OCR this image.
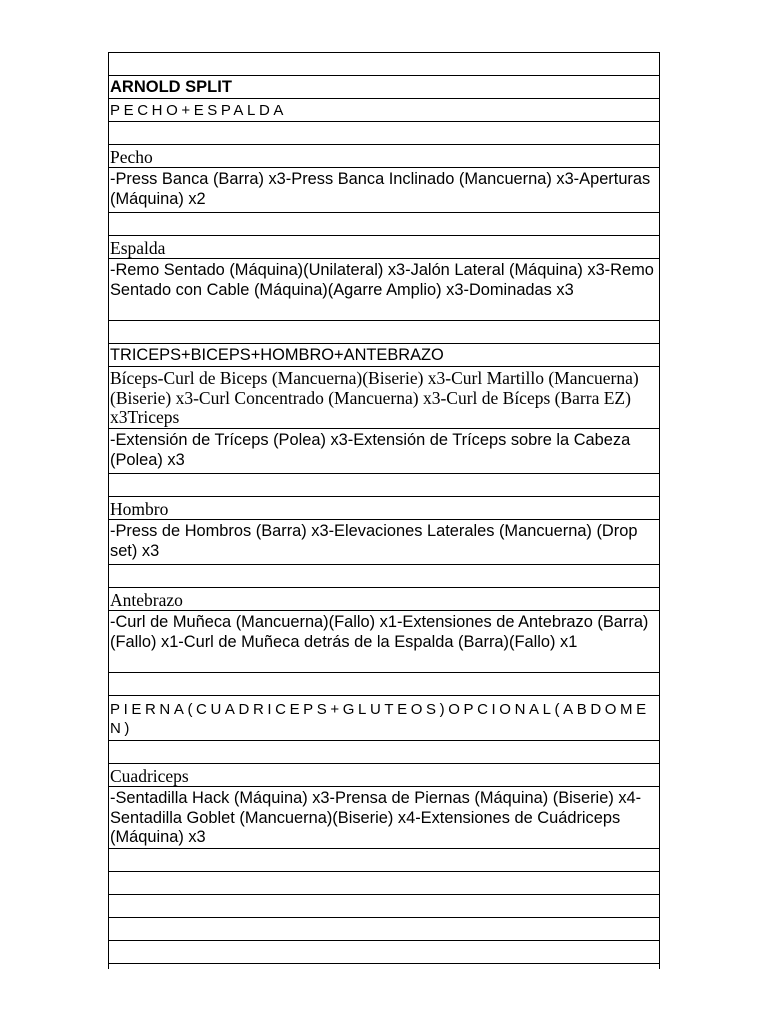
ARNOLD SPLIT
PECHO+ESPALDA
Pecho
-Press Banca (Barra) x3-Press Banca Inclinado (Mancuerna) x3-Aperturas (Máquina) x2
Espalda
-Remo Sentado (Máquina)(Unilateral) x3-Jalón Lateral (Máquina) x3-Remo Sentado con Cable (Máquina)(Agarre Amplio) x3-Dominadas x3
TRICEPS+BICEPS+HOMBRO+ANTEBRAZO
Bíceps-Curl de Biceps (Mancuerna)(Biserie) x3-Curl Martillo (Mancuerna)(Biserie) x3-Curl Concentrado (Mancuerna) x3-Curl de Bíceps (Barra EZ) x3Triceps
-Extensión de Tríceps (Polea) x3-Extensión de Tríceps sobre la Cabeza (Polea) x3
Hombro
-Press de Hombros (Barra) x3-Elevaciones Laterales (Mancuerna) (Drop set) x3
Antebrazo
-Curl de Muñeca (Mancuerna)(Fallo) x1-Extensiones de Antebrazo (Barra)(Fallo) x1-Curl de Muñeca detrás de la Espalda (Barra)(Fallo) x1
PIERNA(CUADRICEPS+GLUTEOS)OPCIONAL(ABDOMEN)
Cuadriceps
-Sentadilla Hack (Máquina) x3-Prensa de Piernas (Máquina) (Biserie) x4-Sentadilla Goblet (Mancuerna)(Biserie) x4-Extensiones de Cuádriceps (Máquina) x3
